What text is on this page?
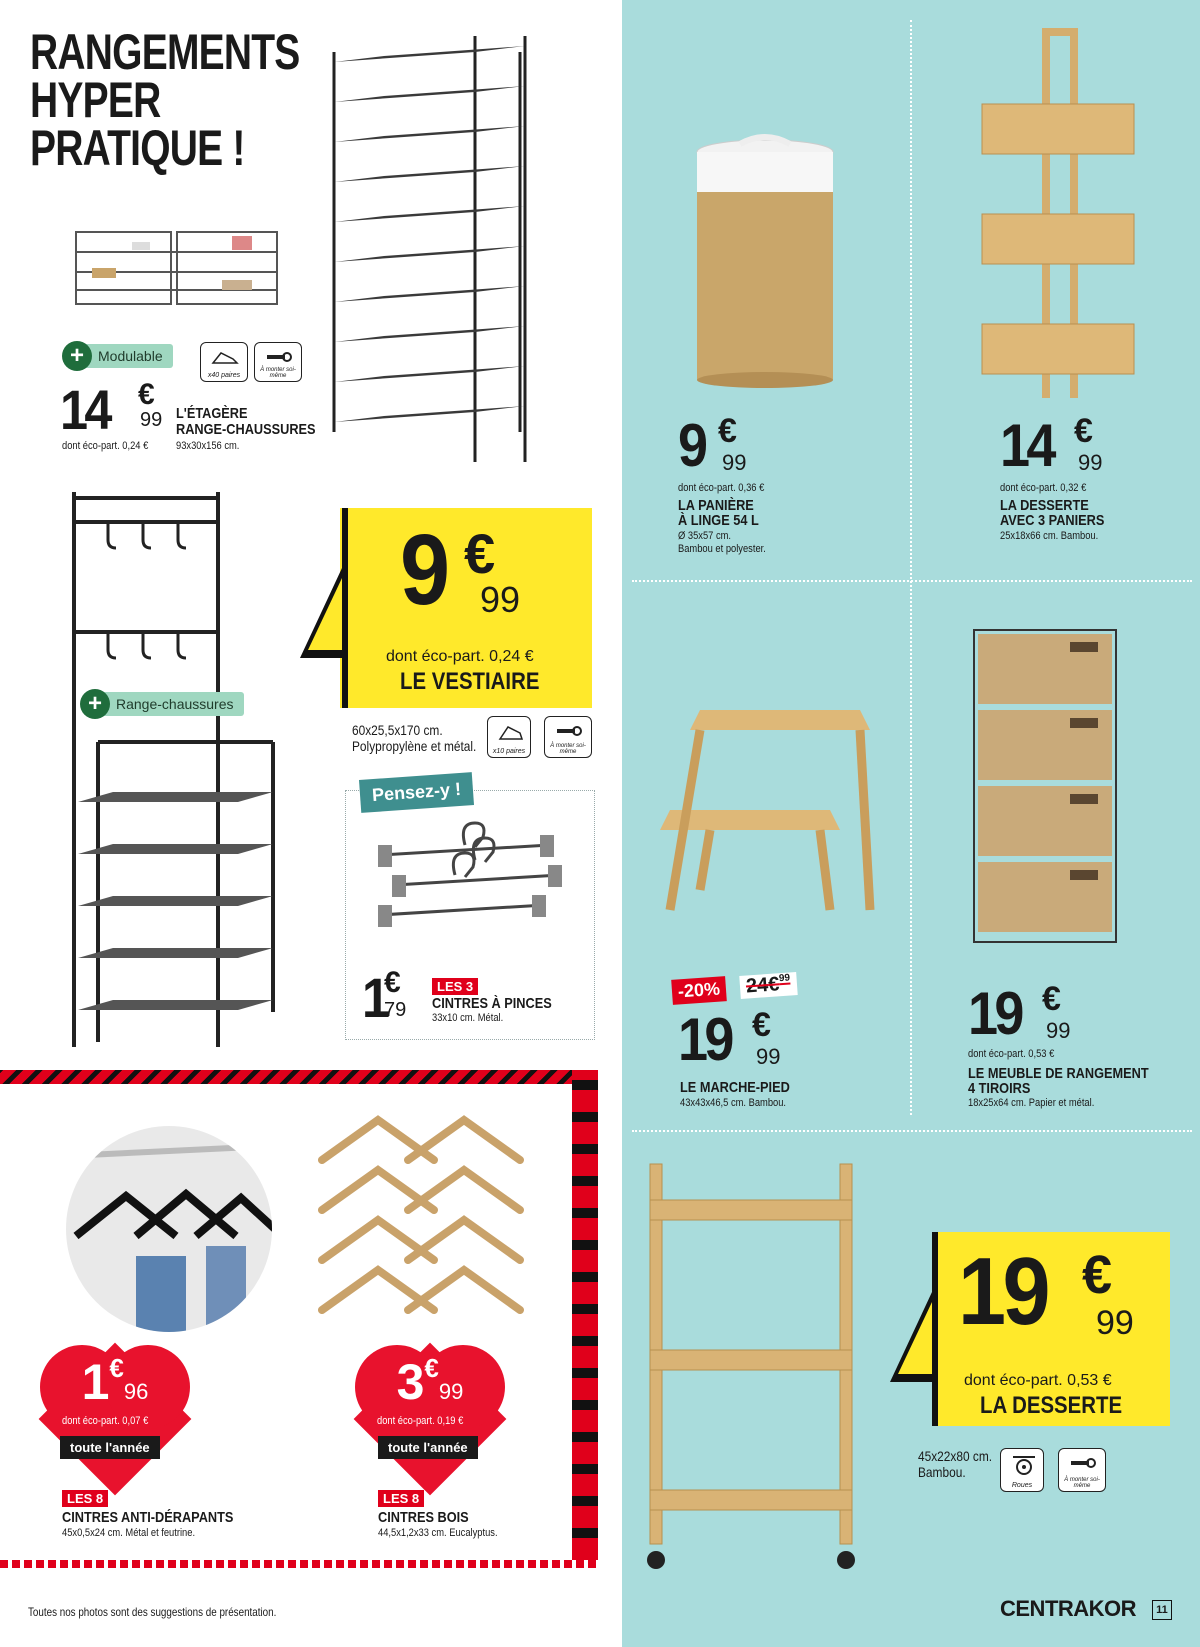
RANGEMENTS
HYPER
PRATIQUE !
+	Modulable
x40 paires
À monter soi-même
14 €
99 L'ÉTAGÈRE
RANGE-CHAUSSURES
dont éco-part. 0,24 €	93x30x156 cm.
+	Range-chaussures
9 €
99
dont éco-part. 0,24 €
LE VESTIAIRE
60x25,5x170 cm.
Polypropylène et métal.	x10 paires
À monter soi-même
Pensez-y !
1
€
79
LES 3
CINTRES À PINCES
33x10 cm. Métal.
1€96
dont éco-part. 0,07 €
toute l'année
LES 8
CINTRES ANTI-DÉRAPANTS
45x0,5x24 cm. Métal et feutrine.
3€99
dont éco-part. 0,19 €
toute l'année
LES 8
CINTRES BOIS
44,5x1,2x33 cm. Eucalyptus.
9 €
99
dont éco-part. 0,36 €
LA PANIÈRE
À LINGE 54 L
Ø 35x57 cm.
Bambou et polyester.
14 €
99
dont éco-part. 0,32 €
LA DESSERTE
AVEC 3 PANIERS
25x18x66 cm. Bambou.
-20%	24€$^{99}$
19 €
99
LE MARCHE-PIED
43x43x46,5 cm. Bambou.
19 €
99
dont éco-part. 0,53 €
LE MEUBLE DE RANGEMENT
4 TIROIRS
18x25x64 cm. Papier et métal.
19 €
99
dont éco-part. 0,53 €
LA DESSERTE
45x22x80 cm.
Bambou.
Roues
À monter soi-même
Toutes nos photos sont des suggestions de présentation.	CENTRAKOR	11
